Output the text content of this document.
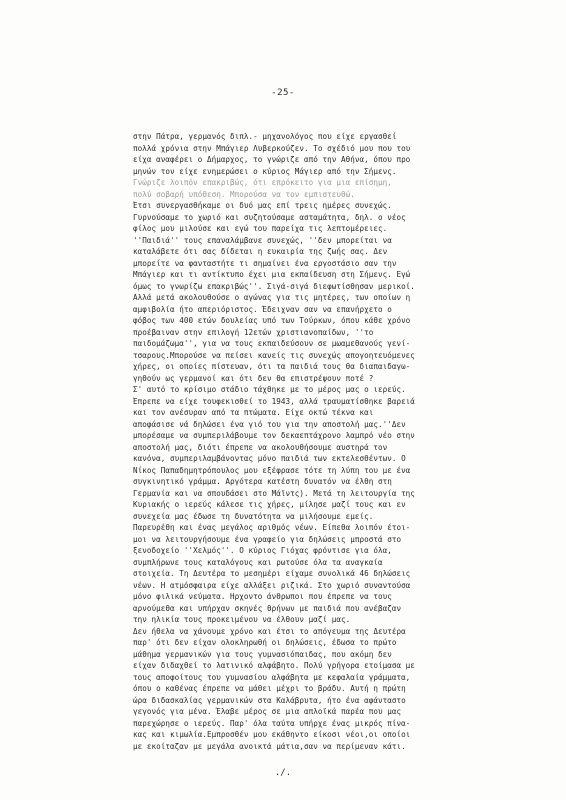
-25-
στην Πάτρα, γερμανός διπλ.- μηχανολόγος που είχε εργασθεί
πολλά χρόνια στην Μπάγιερ Λυβερκούζεν. Το σχέδιό μου που του
είχα αναφέρει ο Δήμαρχος, το γνώριζε από την Αθήνα, όπου προ
μηνών τον είχε ενημερώσει ο κύριος Μάγιερ από την Σήμενς.
Γνώριζε λοιπόν επακριβώς, ότι επρόκειτο για μια επίσημη,
πολύ σοβαρή υπόθεση. Μπορούσα να τον εμπιστευθώ.
Έτσι συνεργασθήκαμε οι δυό μας επί τρεις ημέρες συνεχώς.
Γυρνούσαμε το χωριό και συζητούσαμε ασταμάτητα, δηλ. ο νέος
φίλος μου μιλούσε και εγώ του παρείχα τις λεπτομέρειες.
''Παιδιά'' τους επαναλάμβανε συνεχώς, ''δεν μπορείται να
καταλάβετε ότι σας δίδεται η ευκαιρία της ζωής σας. Δεν
μπορείτε να φανταστήτε τι σημαίνει ένα εργοστάσιο σαν την
Μπάγιερ και τι αντίκτυπο έχει μια εκπαίδευση στη Σήμενς. Εγώ
όμως το γνωρίζω επακριβώς''. Σιγά-σιγά διεφωτίσθησαν μερικοί.
Αλλά μετά ακολουθούσε ο αγώνας για τις μητέρες, των οποίων η
αμφιβολία ήτο απεριόριστος. Έδειχναν σαν να επανήρχετο ο
φόβος των 400 ετών δουλείας υπό των Τούρκων, όπου κάθε χρόνο
προέβαιναν στην επιλογή 12ετών χριστιανοπαίδων, ''το
παιδομάζωμα'', για να τους εκπαιδεύσουν σε μωαμεθανούς γενί-
τσαρους.Μπορούσε να πείσει κανείς τις συνεχώς απογοητευόμενες
χήρες, οι οποίες πίστευαν, ότι τα παιδιά τους θα διαπαιδαγω-
γηθούν ως γερμανοί και ότι δεν θα επιστρέψουν ποτέ ?
Σ' αυτό το κρίσιμο στάδιο τάχθηκε με το μέρος μας ο ιερεύς.
Έπρεπε να είχε τουφεκισθεί το 1943, αλλά τραυματίσθηκε βαρειά
και τον ανέσυραν από τα πτώματα. Είχε οκτώ τέκνα και
αποφάσισε νά δηλώσει ένα γιό του για την αποστολή μας.''Δεν
μπορέσαμε να συμπεριλάβουμε τον δεκαεπτάχρονο λαμπρό νέο στην
αποστολή μας, διότι έπρεπε να ακολουθήσουμε αυστηρά τον
κανόνα, συμπεριλαμβάνοντας μόνο παιδιά των εκτελεσθέντων. Ο
Νίκος Παπαδημητρόπουλος μου εξέφρασε τότε τη λύπη του με ένα
συγκινητικό γράμμα. Αργότερα κατέστη δυνατόν να έλθη στη
Γερμανία και να σπουδάσει στο Μάϊντς). Μετά τη λειτουργία της
Κυριακής ο ιερεύς κάλεσε τις χήρες, μίλησε μαζί τους και εν
συνεχεία μας έδωσε τη δυνατότητα να μιλήσουμε εμείς.
Παρευρέθη και ένας μεγάλος αριθμός νέων. Είπεθα λοιπόν έτοι-
μοι να λειτουργήσουμε ένα γραφείο για δηλώσεις μπροστά στο
ξενοδοχείο ''Χελμός''. Ο κύριος Γιόχας φρόντισε για όλα,
συμπλήρωνε τους καταλόγους και ρωτούσε όλα τα αναγκαία
στοιχεία. Τη Δευτέρα το μεσημέρι είχαμε συνολικά 46 δηλώσεις
νέων. Η ατμόσφαιρα είχε αλλάξει ριζικά. Στο χωριό συναντούσα
μόνο φιλικά νεύματα. Ηρχοντο άνθρωποι που έπρεπε να τους
αρνούμεθα και υπήρχαν σκηνές θρήνων με παιδιά που ανέβαζαν
την ηλικία τους προκειμένου να έλθουν μαζί μας.
Δεν ήθελα να χάνουμε χρόνο και έτσι το απόγευμα της Δευτέρα
παρ' ότι δεν είχαν ολοκληρωθή οι δηλώσεις, έδωσα το πρώτο
μάθημα γερμανικών για τους γυμνασιόπαιδας, που ακόμη δεν
είχαν διδαχθεί το λατινικό αλφάβητο. Πολύ γρήγορα ετοίμασα με
τους αποφοίτους του γυμνασίου αλφάβητα με κεφαλαία γράμματα,
όπου ο καθένας έπρεπε να μάθει μέχρι το βράδυ. Αυτή η πρώτη
ώρα διδασκαλίας γερμανικών στα Καλάβρυτα, ήτο ένα αφάνταστο
γεγονός για μένα. Έλαβε μέρος σε μια απλοϊκά παρέα που μας
παρεχώρησε ο ιερεύς. Παρ' όλα ταύτα υπήρχε ένας μικρός πίνα-
κας και κιμωλία.Εμπροσθέν μου εκάθηντο είκοσι νέοι,οι οποίοι
με εκοίταζαν με μεγάλα ανοικτά μάτια,σαν να περίμεναν κάτι.
./.
